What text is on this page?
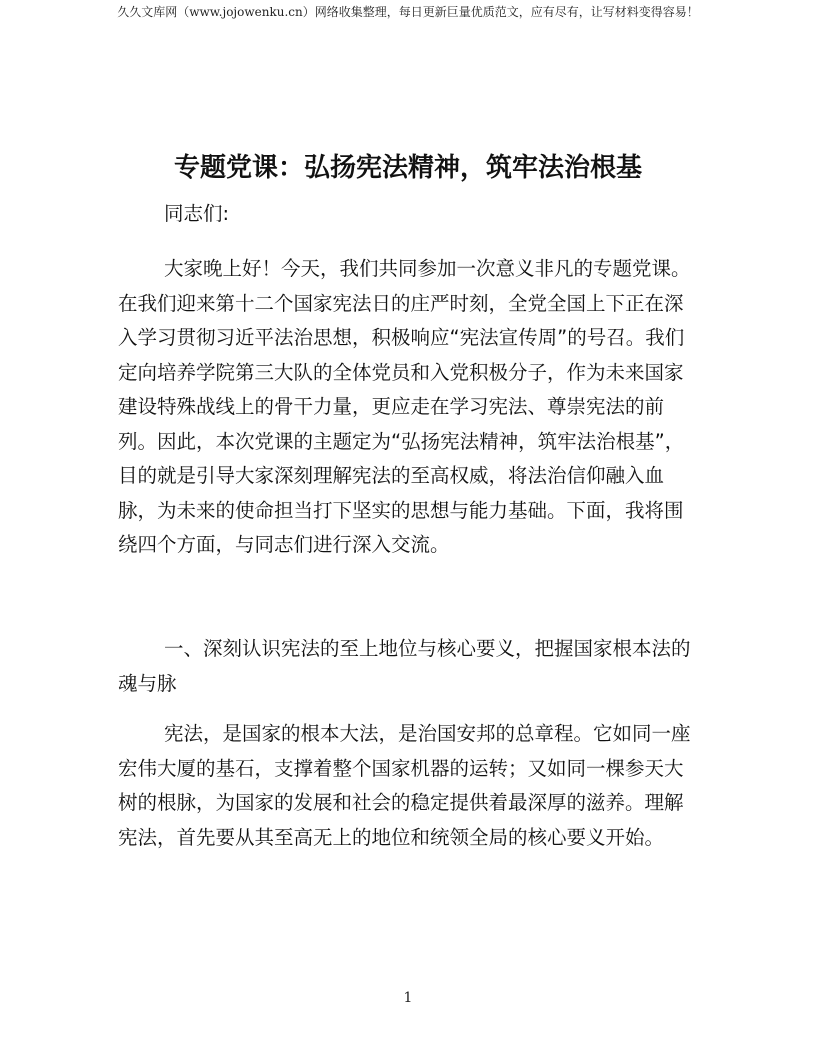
久久文库网（www.jojowenku.cn）网络收集整理，每日更新巨量优质范文，应有尽有，让写材料变得容易！
专题党课：弘扬宪法精神，筑牢法治根基

同志们:

大家晚上好！今天，我们共同参加一次意义非凡的专题党课。在我们迎来第十二个国家宪法日的庄严时刻，全党全国上下正在深入学习贯彻习近平法治思想，积极响应“宪法宣传周”的号召。我们定向培养学院第三大队的全体党员和入党积极分子，作为未来国家建设特殊战线上的骨干力量，更应走在学习宪法、尊崇宪法的前列。因此，本次党课的主题定为“弘扬宪法精神，筑牢法治根基”，目的就是引导大家深刻理解宪法的至高权威，将法治信仰融入血脉，为未来的使命担当打下坚实的思想与能力基础。下面，我将围绕四个方面，与同志们进行深入交流。

一、深刻认识宪法的至上地位与核心要义，把握国家根本法的魂与脉

宪法，是国家的根本大法，是治国安邦的总章程。它如同一座宏伟大厦的基石，支撑着整个国家机器的运转；又如同一棵参天大树的根脉，为国家的发展和社会的稳定提供着最深厚的滋养。理解宪法，首先要从其至高无上的地位和统领全局的核心要义开始。

1
